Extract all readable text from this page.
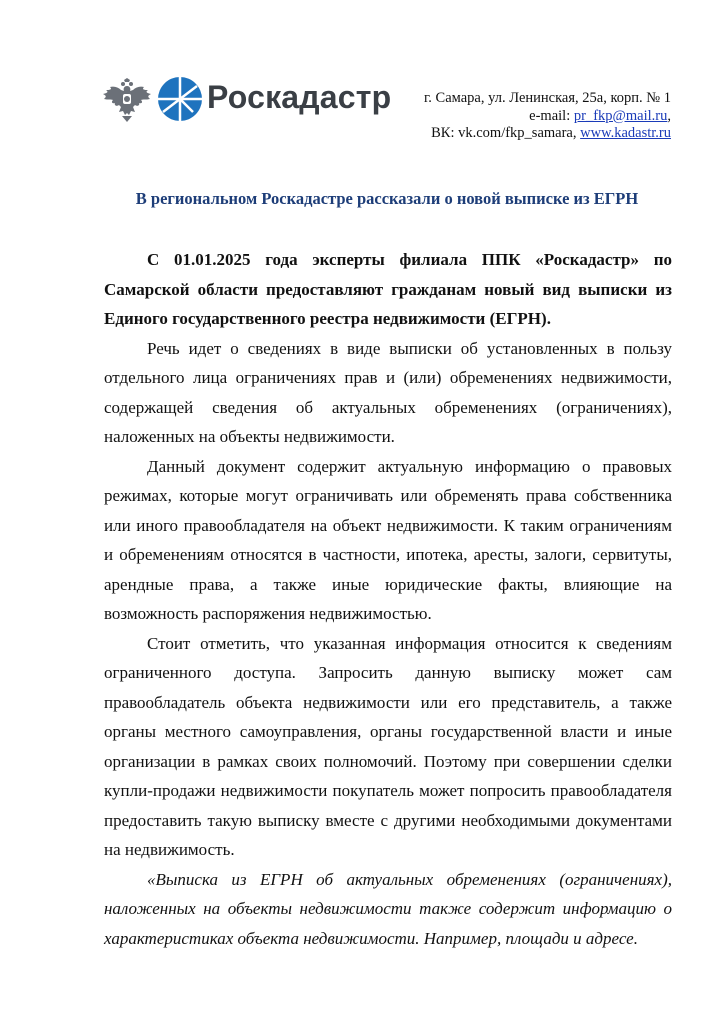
Роскадастр г. Самара, ул. Ленинская, 25а, корп. № 1
e-mail: pr_fkp@mail.ru,
ВК: vk.com/fkp_samara, www.kadastr.ru
В региональном Роскадастре рассказали о новой выписке из ЕГРН

С 01.01.2025 года эксперты филиала ППК «Роскадастр» по Самарской области предоставляют гражданам новый вид выписки из Единого государственного реестра недвижимости (ЕГРН).

Речь идет о сведениях в виде выписки об установленных в пользу отдельного лица ограничениях прав и (или) обременениях недвижимости, содержащей сведения об актуальных обременениях (ограничениях), наложенных на объекты недвижимости.

Данный документ содержит актуальную информацию о правовых режимах, которые могут ограничивать или обременять права собственника или иного правообладателя на объект недвижимости. К таким ограничениям и обременениям относятся в частности, ипотека, аресты, залоги, сервитуты, арендные права, а также иные юридические факты, влияющие на возможность распоряжения недвижимостью.

Стоит отметить, что указанная информация относится к сведениям ограниченного доступа. Запросить данную выписку может сам правообладатель объекта недвижимости или его представитель, а также органы местного самоуправления, органы государственной власти и иные организации в рамках своих полномочий. Поэтому при совершении сделки купли-продажи недвижимости покупатель может попросить правообладателя предоставить такую выписку вместе с другими необходимыми документами на недвижимость.

«Выписка из ЕГРН об актуальных обременениях (ограничениях), наложенных на объекты недвижимости также содержит информацию о характеристиках объекта недвижимости. Например, площади и адресе.
